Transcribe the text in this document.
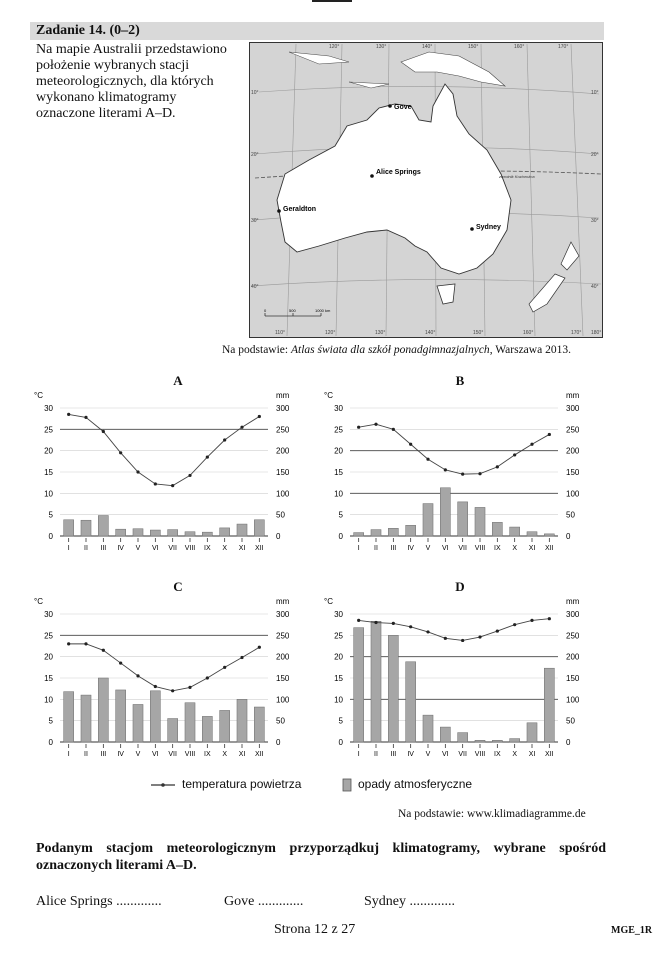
Zadanie 14. (0–2)
Na mapie Australii przedstawiono
położenie wybranych stacji
meteorologicznych, dla których
wykonano klimatogramy
oznaczone literami A–D.	Gove
Alice Springs
Geraldton
Sydney
zwrotnik Koziorożca
120°	130°	140°	150°	160°	170°
110°	120°	130°	140°	150°	160°	170° 180°
10°
20°
30°
40°
10°
20°
30°
40°
0	500	1000 km
Na podstawie: Atlas świata dla szkół ponadgimnazjalnych, Warszawa 2013.
A	B
C	D
°C	mm
0
5
10
15
20
25
30
0
50
100
150
200
250
300
I II III IV V VI VII VIII IX X XI XII
°C	mm
0
5
10
15
20
25
30
0
50
100
150
200
250
300
I II III IV V VI VII VIII IX X XI XII
°C	mm
0
5
10
15
20
25
30
0
50
100
150
200
250
300
I II III IV V VI VII VIII IX X XI XII
°C	mm
0
5
10
15
20
25
30
0
50
100
150
200
250
300
I II III IV V VI VII VIII IX X XI XII
temperatura powietrza	opady atmosferyczne
Na podstawie: www.klimadiagramme.de
Podanym stacjom meteorologicznym przyporządkuj klimatogramy, wybrane spośród oznaczonych literami A–D.
Alice Springs .............	Gove .............	Sydney .............
Strona 12 z 27	MGE_1R
